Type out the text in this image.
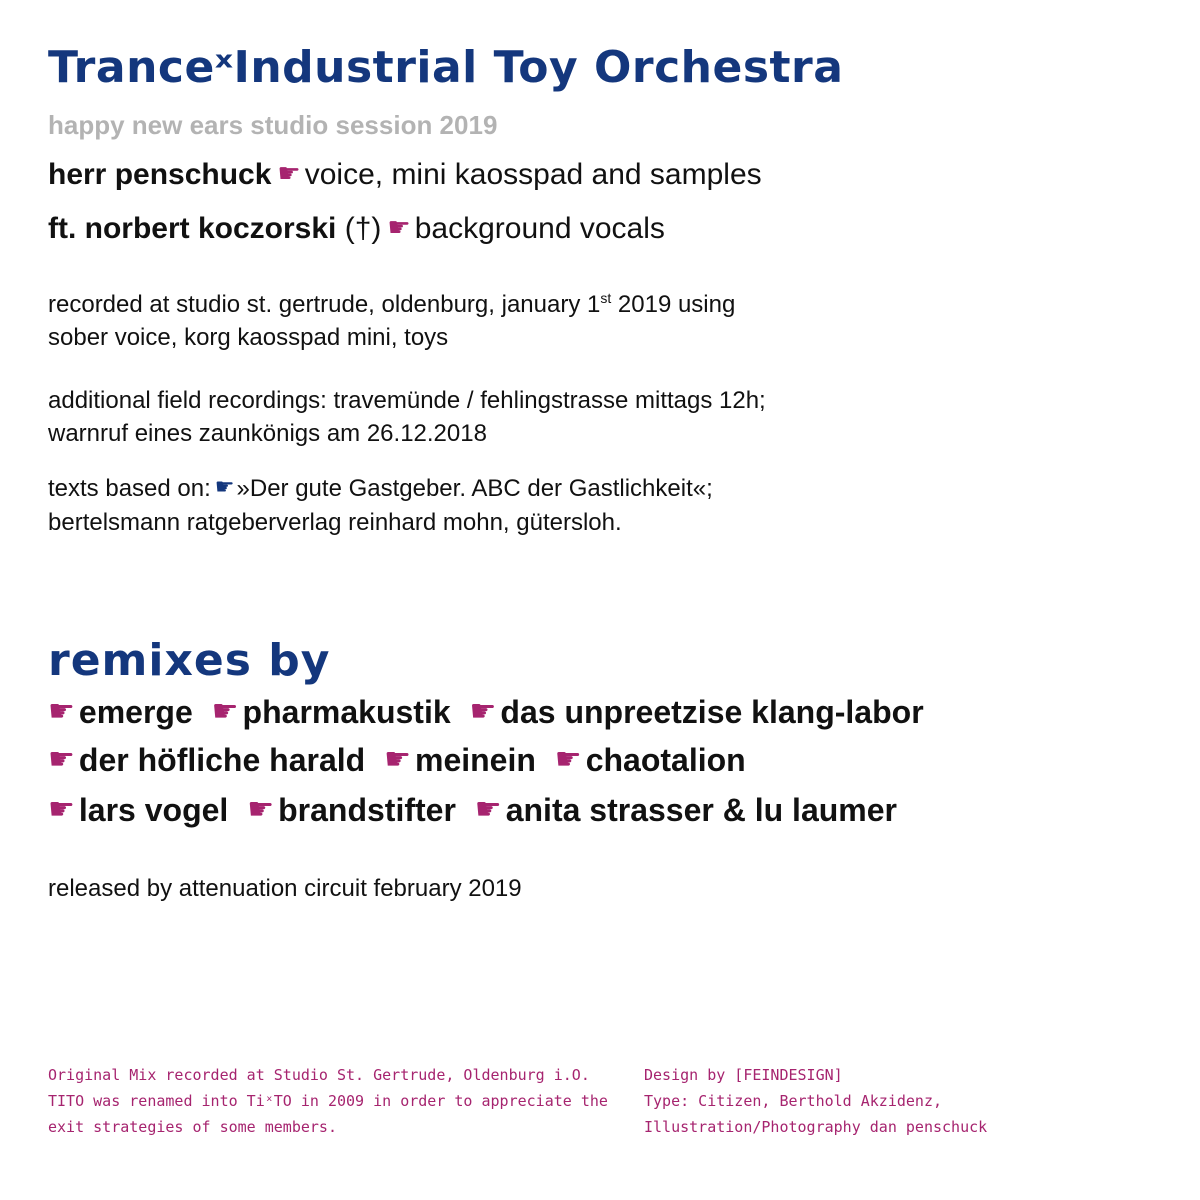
TranceˣIndustrial Toy Orchestra
happy new ears studio session 2019
herr penschuck ☛ voice, mini kaosspad and samples
ft. norbert koczorski (†) ☛ background vocals
recorded at studio st. gertrude, oldenburg, january 1st 2019 using
sober voice, korg kaosspad mini, toys
additional field recordings: travemünde / fehlingstrasse mittags 12h;
warnruf eines zaunkönigs am 26.12.2018
texts based on: ☛»Der gute Gastgeber. ABC der Gastlichkeit«;
bertelsmann ratgeberverlag reinhard mohn, gütersloh.
remixes by
☛ emerge ☛ pharmakustik ☛ das unpreetzise klang-labor
☛ der höfliche harald ☛ meinein ☛ chaotalion
☛ lars vogel ☛ brandstifter ☛ anita strasser & lu laumer
released by attenuation circuit february 2019
Original Mix recorded at Studio St. Gertrude, Oldenburg i.O.
TITO was renamed into TiˣTO in 2009 in order to appreciate the
exit strategies of some members.
Design by [FEINDESIGN]
Type: Citizen, Berthold Akzidenz,
Illustration/Photography dan penschuck
